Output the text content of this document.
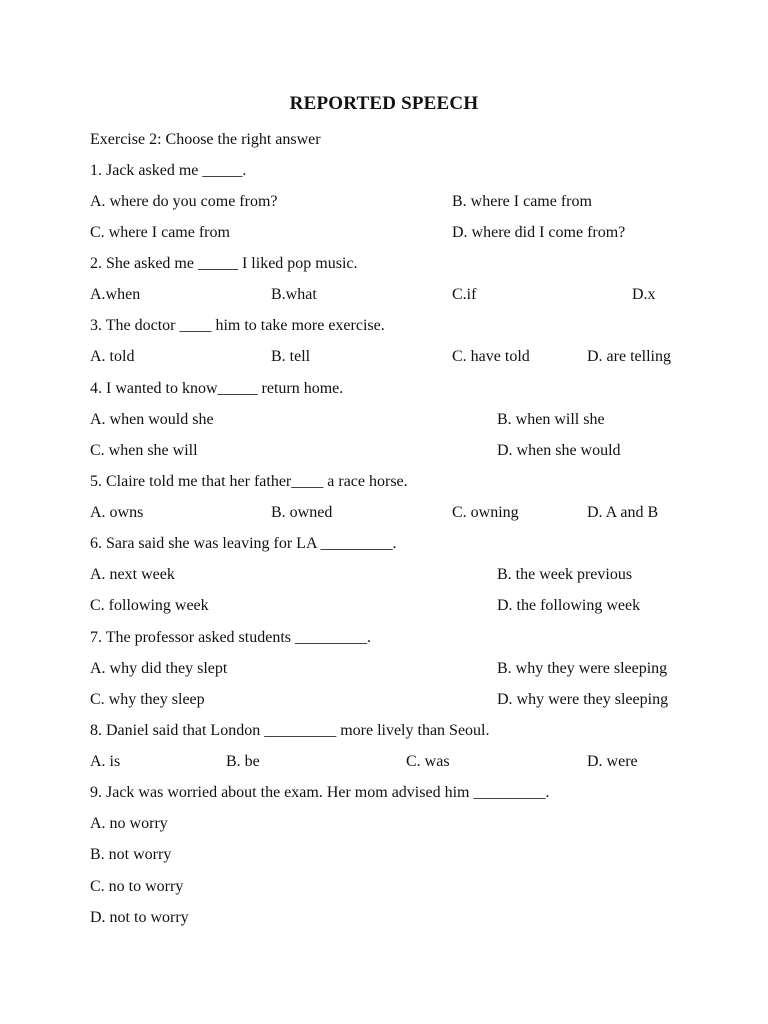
REPORTED SPEECH
Exercise 2: Choose the right answer
1. Jack asked me _____.
A. where do you come from?	B. where I came from
C. where I came from	D. where did I come from?
2. She asked me _____ I liked pop music.
A.when	B.what	C.if	D.x
3. The doctor ____ him to take more exercise.
A. told	B. tell	C. have told	D. are telling
4. I wanted to know_____ return home.
A. when would she	B. when will she
C. when she will	D. when she would
5. Claire told me that her father____ a race horse.
A. owns	B. owned	C. owning	D. A and B
6. Sara said she was leaving for LA _________.
A. next week	B. the week previous
C. following week	D. the following week
7. The professor asked students _________.
A. why did they slept	B. why they were sleeping
C. why they sleep	D. why were they sleeping
8. Daniel said that London _________ more lively than Seoul.
A. is	B. be	C. was	D. were
9. Jack was worried about the exam. Her mom advised him _________.
A. no worry
B. not worry
C. no to worry
D. not to worry
